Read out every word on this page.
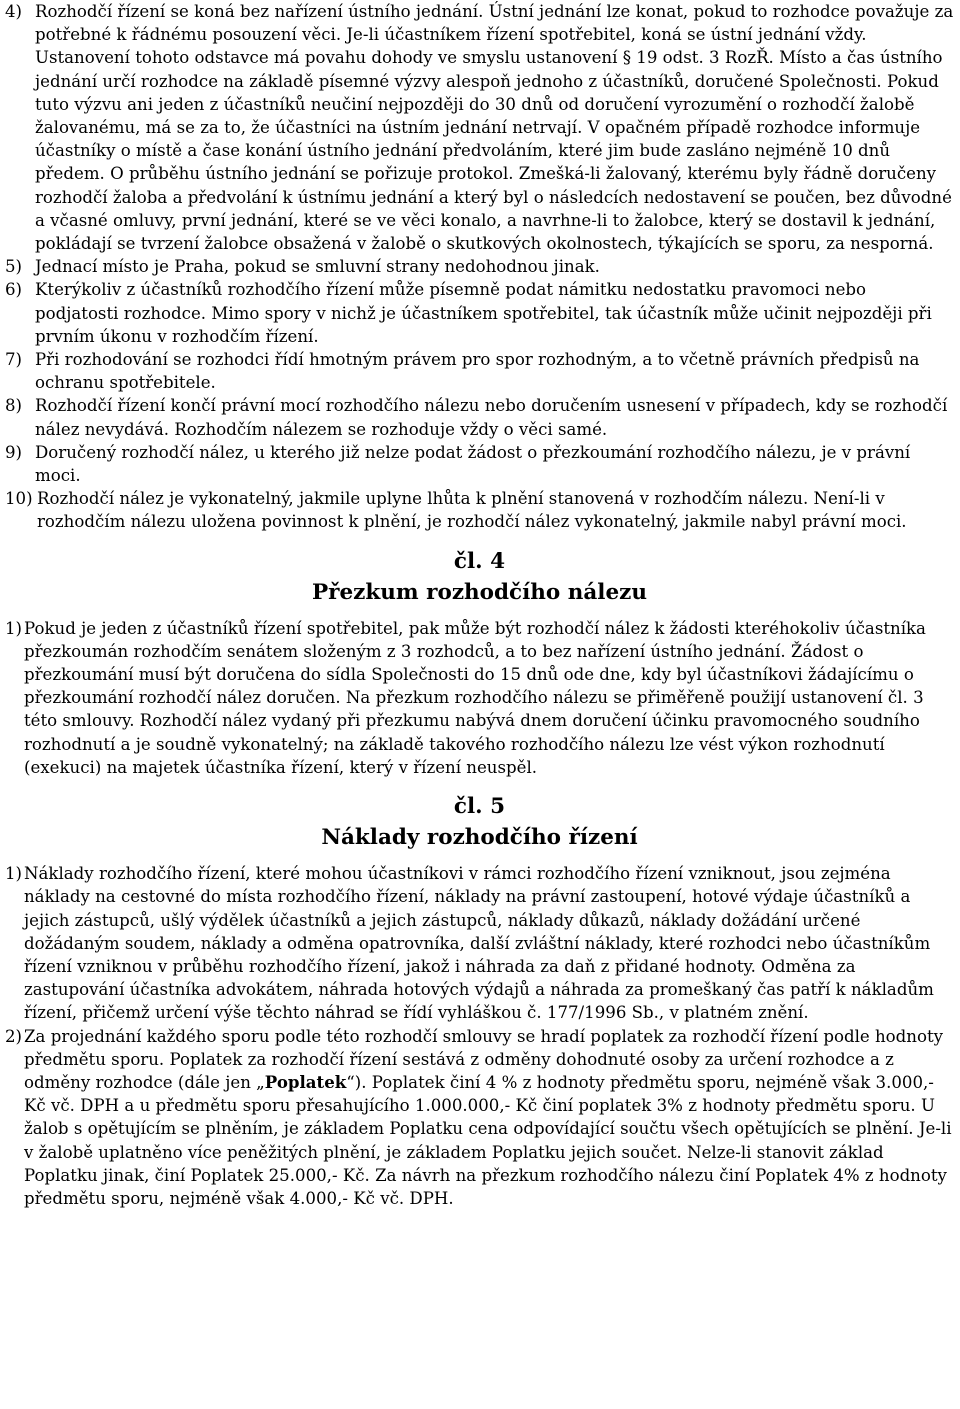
4) Rozhodčí řízení se koná bez nařízení ústního jednání. Ústní jednání lze konat, pokud to rozhodce považuje za potřebné k řádnému posouzení věci. Je-li účastníkem řízení spotřebitel, koná se ústní jednání vždy. Ustanovení tohoto odstavce má povahu dohody ve smyslu ustanovení § 19 odst. 3 RozŘ. Místo a čas ústního jednání určí rozhodce na základě písemné výzvy alespoň jednoho z účastníků, doručené Společnosti. Pokud tuto výzvu ani jeden z účastníků neučiní nejpozději do 30 dnů od doručení vyrozumění o rozhodčí žalobě žalovanému, má se za to, že účastníci na ústním jednání netrvají. V opačném případě rozhodce informuje účastníky o místě a čase konání ústního jednání předvoláním, které jim bude zasláno nejméně 10 dnů předem. O průběhu ústního jednání se pořizuje protokol. Zmešká-li žalovaný, kterému byly řádně doručeny rozhodčí žaloba a předvolání k ústnímu jednání a který byl o následcích nedostavení se poučen, bez důvodné a včasné omluvy, první jednání, které se ve věci konalo, a navrhne-li to žalobce, který se dostavil k jednání, pokládají se tvrzení žalobce obsažená v žalobě o skutkových okolnostech, týkajících se sporu, za nesporná.
5) Jednací místo je Praha, pokud se smluvní strany nedohodnou jinak.
6) Kterýkoliv z účastníků rozhodčího řízení může písemně podat námitku nedostatku pravomoci nebo podjatosti rozhodce. Mimo spory v nichž je účastníkem spotřebitel, tak účastník může učinit nejpozději při prvním úkonu v rozhodčím řízení.
7) Při rozhodování se rozhodci řídí hmotným právem pro spor rozhodným, a to včetně právních předpisů na ochranu spotřebitele.
8) Rozhodčí řízení končí právní mocí rozhodčího nálezu nebo doručením usnesení v případech, kdy se rozhodčí nález nevydává. Rozhodčím nálezem se rozhoduje vždy o věci samé.
9) Doručený rozhodčí nález, u kterého již nelze podat žádost o přezkoumání rozhodčího nálezu, je v právní moci.
10) Rozhodčí nález je vykonatelný, jakmile uplyne lhůta k plnění stanovená v rozhodčím nálezu. Není-li v rozhodčím nálezu uložena povinnost k plnění, je rozhodčí nález vykonatelný, jakmile nabyl právní moci.
čl. 4
Přezkum rozhodčího nálezu
1) Pokud je jeden z účastníků řízení spotřebitel, pak může být rozhodčí nález k žádosti kteréhokoliv účastníka přezkoumán rozhodčím senátem složeným z 3 rozhodců, a to bez nařízení ústního jednání. Žádost o přezkoumání musí být doručena do sídla Společnosti do 15 dnů ode dne, kdy byl účastníkovi žádajícímu o přezkoumání rozhodčí nález doručen. Na přezkum rozhodčího nálezu se přiměřeně použijí ustanovení čl. 3 této smlouvy. Rozhodčí nález vydaný při přezkumu nabývá dnem doručení účinku pravomocného soudního rozhodnutí a je soudně vykonatelný; na základě takového rozhodčího nálezu lze vést výkon rozhodnutí (exekuci) na majetek účastníka řízení, který v řízení neuspěl.
čl. 5
Náklady rozhodčího řízení
1) Náklady rozhodčího řízení, které mohou účastníkovi v rámci rozhodčího řízení vzniknout, jsou zejména náklady na cestovné do místa rozhodčího řízení, náklady na právní zastoupení, hotové výdaje účastníků a jejich zástupců, ušlý výdělek účastníků a jejich zástupců, náklady důkazů, náklady dožádání určené dožádaným soudem, náklady a odměna opatrovníka, další zvláštní náklady, které rozhodci nebo účastníkům řízení vzniknou v průběhu rozhodčího řízení, jakož i náhrada za daň z přidané hodnoty. Odměna za zastupování účastníka advokátem, náhrada hotových výdajů a náhrada za promeškaný čas patří k nákladům řízení, přičemž určení výše těchto náhrad se řídí vyhláškou č. 177/1996 Sb., v platném znění.
2) Za projednání každého sporu podle této rozhodčí smlouvy se hradí poplatek za rozhodčí řízení podle hodnoty předmětu sporu. Poplatek za rozhodčí řízení sestává z odměny dohodnuté osoby za určení rozhodce a z odměny rozhodce (dále jen „Poplatek“). Poplatek činí 4 % z hodnoty předmětu sporu, nejméně však 3.000,- Kč vč. DPH a u předmětu sporu přesahujícího 1.000.000,- Kč činí poplatek 3% z hodnoty předmětu sporu. U žalob s opětujícím se plněním, je základem Poplatku cena odpovídající součtu všech opětujících se plnění. Je-li v žalobě uplatněno více peněžitých plnění, je základem Poplatku jejich součet. Nelze-li stanovit základ Poplatku jinak, činí Poplatek 25.000,- Kč. Za návrh na přezkum rozhodčího nálezu činí Poplatek 4% z hodnoty předmětu sporu, nejméně však 4.000,- Kč vč. DPH.
